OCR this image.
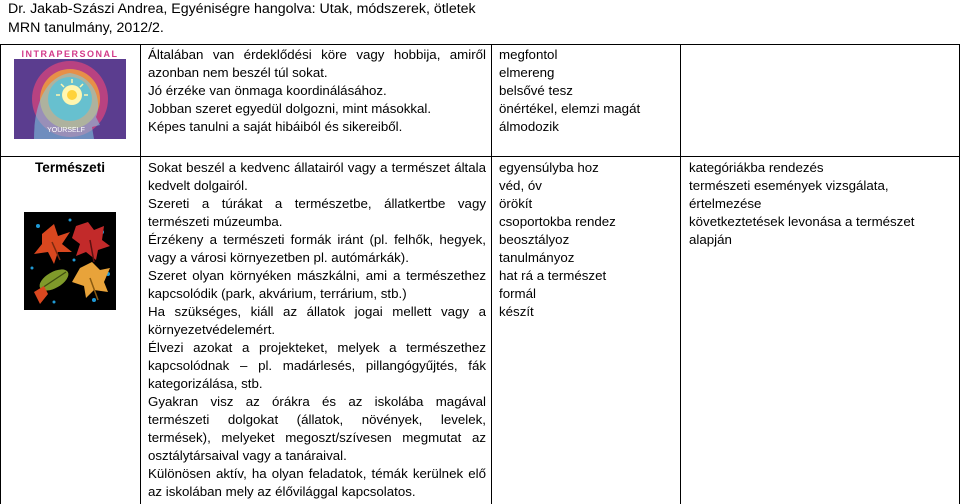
Dr. Jakab-Szászi Andrea, Egyéniségre hangolva: Utak, módszerek, ötletek
MRN tanulmány, 2012/2.
INTRAPERSONAL
YOURSELF
Általában van érdeklődési köre vagy hobbija, amiről
azonban nem beszél túl sokat.
Jó érzéke van önmaga koordinálásához.
Jobban szeret egyedül dolgozni, mint másokkal.
Képes tanulni a saját hibáiból és sikereiből.
megfontol
elmereng
belsővé tesz
önértékel, elemzi magát
álmodozik
Természeti	Sokat beszél a kedvenc állatairól vagy a természet általa
kedvelt dolgairól.
Szereti a túrákat a természetbe, állatkertbe vagy
természeti múzeumba.
Érzékeny a természeti formák iránt (pl. felhők, hegyek,
vagy a városi környezetben pl. autómárkák).
Szeret olyan környéken mászkálni, ami a természethez
kapcsolódik (park, akvárium, terrárium, stb.)
Ha szükséges, kiáll az állatok jogai mellett vagy a
környezetvédelemért.
Élvezi azokat a projekteket, melyek a természethez
kapcsolódnak – pl. madárlesés, pillangógyűjtés, fák
kategorizálása, stb.
Gyakran visz az órákra és az iskolába magával
természeti dolgokat (állatok, növények, levelek,
termések), melyeket megoszt/szívesen megmutat az
osztálytársaival vagy a tanáraival.
Különösen aktív, ha olyan feladatok, témák kerülnek elő
az iskolában mely az élővilággal kapcsolatos.
egyensúlyba hoz
véd, óv
örökít
csoportokba rendez
beosztályoz
tanulmányoz
hat rá a természet
formál
készít
kategóriákba rendezés
természeti események vizsgálata,
értelmezése
következtetések levonása a természet
alapján
